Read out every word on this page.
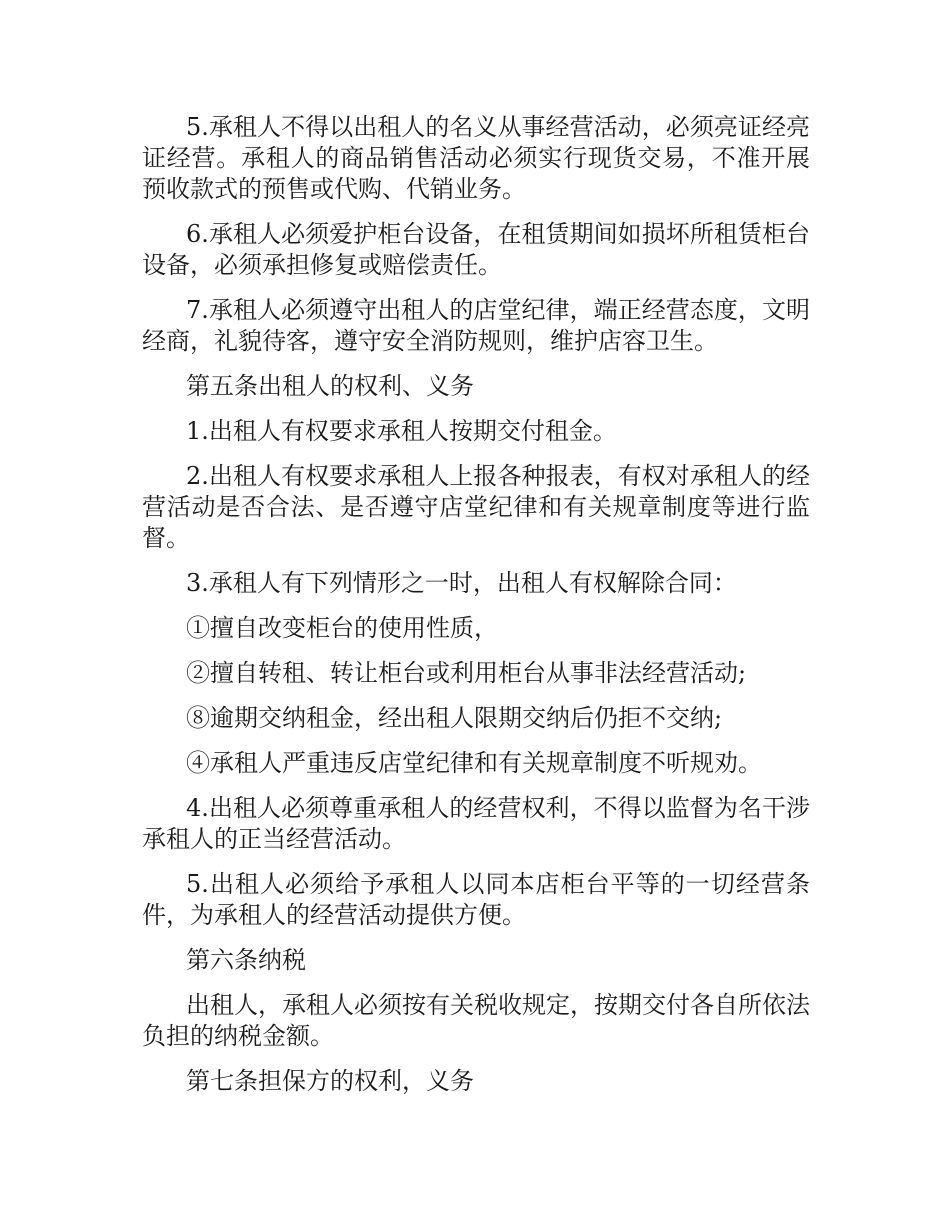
5.承租人不得以出租人的名义从事经营活动，必须亮证经亮证经营。承租人的商品销售活动必须实行现货交易，不准开展预收款式的预售或代购、代销业务。

6.承租人必须爱护柜台设备，在租赁期间如损坏所租赁柜台设备，必须承担修复或赔偿责任。

7.承租人必须遵守出租人的店堂纪律，端正经营态度，文明经商，礼貌待客，遵守安全消防规则，维护店容卫生。

第五条出租人的权利、义务

1.出租人有权要求承租人按期交付租金。

2.出租人有权要求承租人上报各种报表，有权对承租人的经营活动是否合法、是否遵守店堂纪律和有关规章制度等进行监督。

3.承租人有下列情形之一时，出租人有权解除合同：

①擅自改变柜台的使用性质，

②擅自转租、转让柜台或利用柜台从事非法经营活动;

⑧逾期交纳租金，经出租人限期交纳后仍拒不交纳;

④承租人严重违反店堂纪律和有关规章制度不听规劝。

4.出租人必须尊重承租人的经营权利，不得以监督为名干涉承租人的正当经营活动。

5.出租人必须给予承租人以同本店柜台平等的一切经营条件，为承租人的经营活动提供方便。

第六条纳税

出租人，承租人必须按有关税收规定，按期交付各自所依法负担的纳税金额。

第七条担保方的权利，义务
